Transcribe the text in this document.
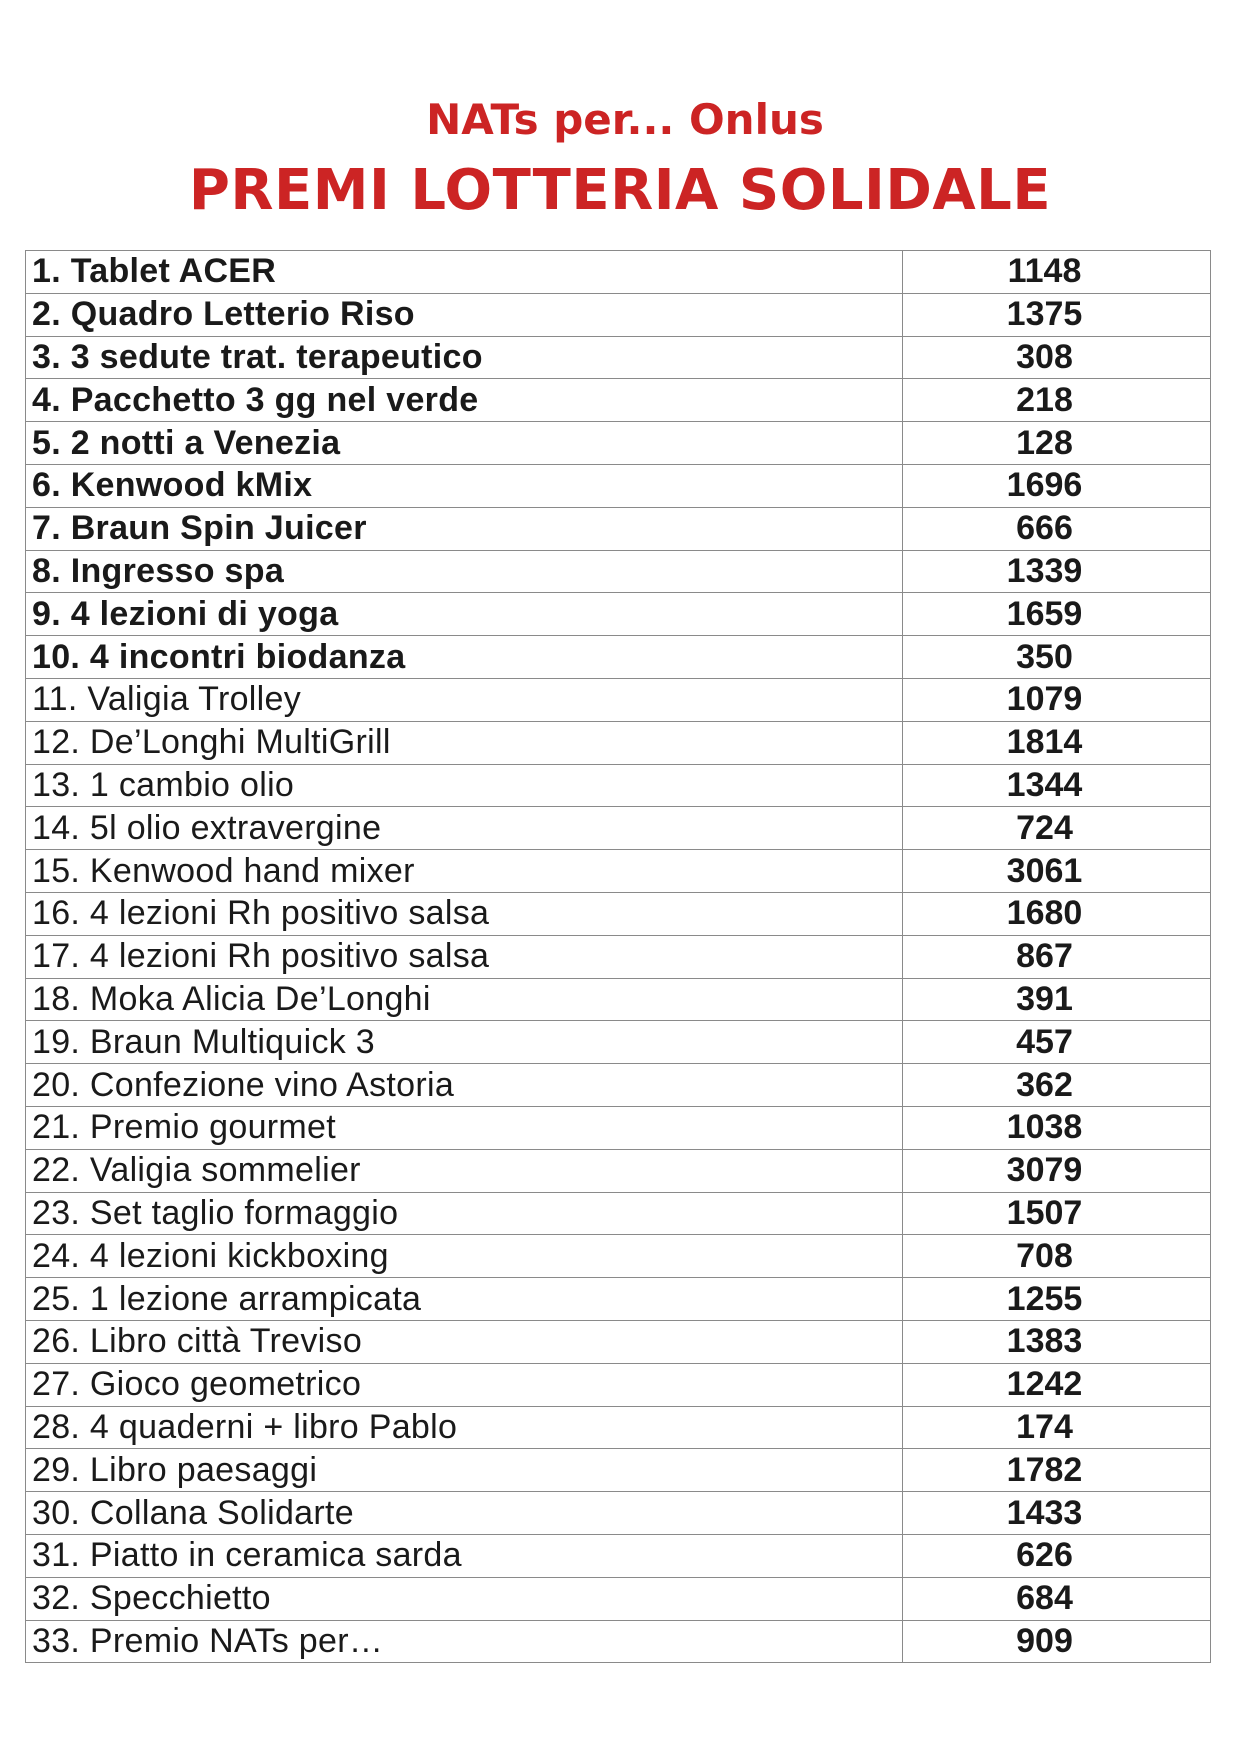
NATs per... Onlus

PREMI LOTTERIA SOLIDALE
1. Tablet ACER	1148
2. Quadro Letterio Riso	1375
3. 3 sedute trat. terapeutico	308
4. Pacchetto 3 gg nel verde	218
5. 2 notti a Venezia	128
6. Kenwood kMix	1696
7. Braun Spin Juicer	666
8. Ingresso spa	1339
9. 4 lezioni di yoga	1659
10. 4 incontri biodanza	350
11. Valigia Trolley	1079
12. De’Longhi MultiGrill	1814
13. 1 cambio olio	1344
14. 5l olio extravergine	724
15. Kenwood hand mixer	3061
16. 4 lezioni Rh positivo salsa	1680
17. 4 lezioni Rh positivo salsa	867
18. Moka Alicia De’Longhi	391
19. Braun Multiquick 3	457
20. Confezione vino Astoria	362
21. Premio gourmet	1038
22. Valigia sommelier	3079
23. Set taglio formaggio	1507
24. 4 lezioni kickboxing	708
25. 1 lezione arrampicata	1255
26. Libro città Treviso	1383
27. Gioco geometrico	1242
28. 4 quaderni + libro Pablo	174
29. Libro paesaggi	1782
30. Collana Solidarte	1433
31. Piatto in ceramica sarda	626
32. Specchietto	684
33. Premio NATs per…	909
